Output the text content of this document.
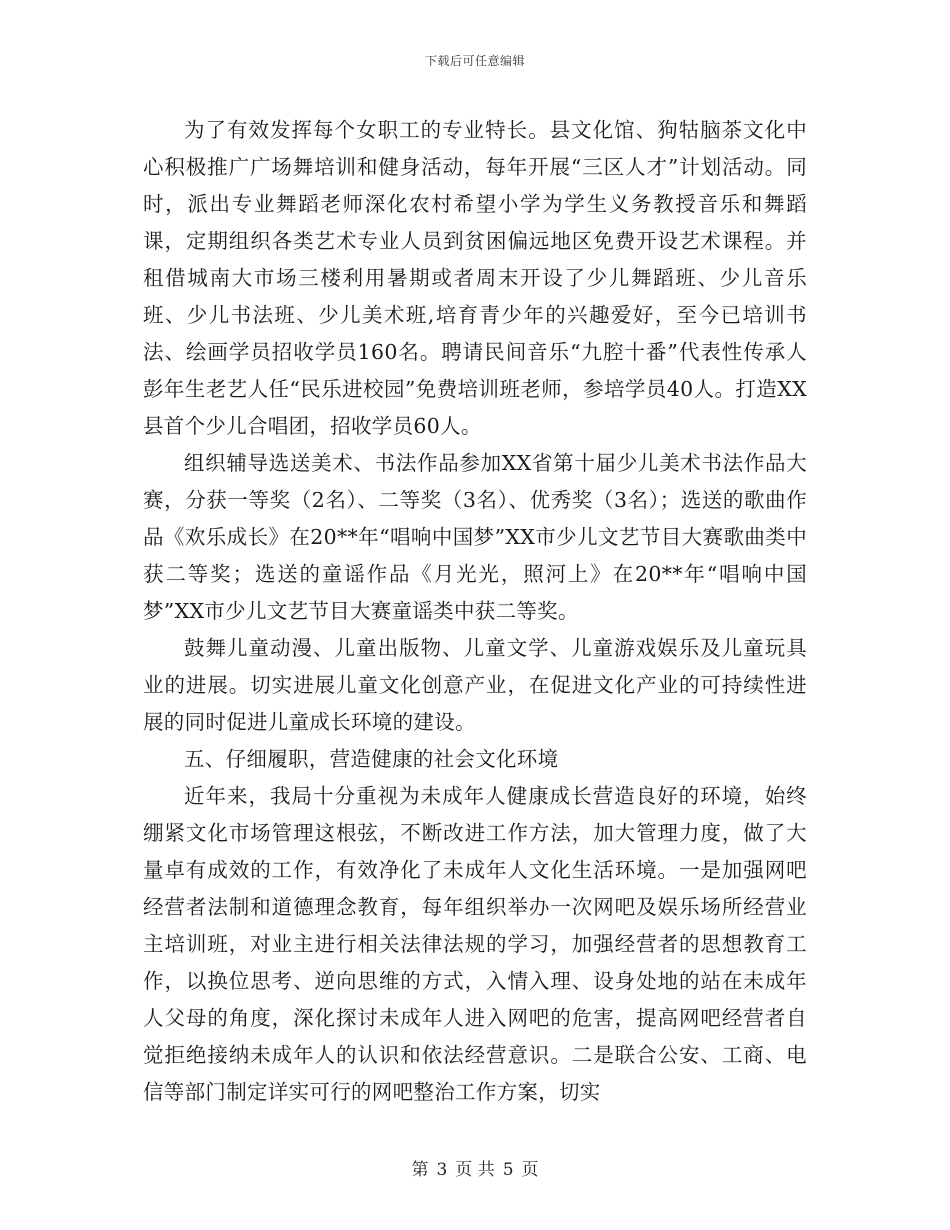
下载后可任意编辑

为了有效发挥每个女职工的专业特长。县文化馆、狗牯脑茶文化中心积极推广广场舞培训和健身活动，每年开展“三区人才”计划活动。同时，派出专业舞蹈老师深化农村希望小学为学生义务教授音乐和舞蹈课，定期组织各类艺术专业人员到贫困偏远地区免费开设艺术课程。并租借城南大市场三楼利用暑期或者周末开设了少儿舞蹈班、少儿音乐班、少儿书法班、少儿美术班,培育青少年的兴趣爱好，至今已培训书法、绘画学员招收学员160名。聘请民间音乐“九腔十番”代表性传承人彭年生老艺人任“民乐进校园”免费培训班老师，参培学员40人。打造XX县首个少儿合唱团，招收学员60人。

组织辅导选送美术、书法作品参加XX省第十届少儿美术书法作品大赛，分获一等奖（2名）、二等奖（3名）、优秀奖（3名）；选送的歌曲作品《欢乐成长》在20**年“唱响中国梦”XX市少儿文艺节目大赛歌曲类中获二等奖；选送的童谣作品《月光光，照河上》在20**年“唱响中国梦”XX市少儿文艺节目大赛童谣类中获二等奖。

鼓舞儿童动漫、儿童出版物、儿童文学、儿童游戏娱乐及儿童玩具业的进展。切实进展儿童文化创意产业，在促进文化产业的可持续性进展的同时促进儿童成长环境的建设。

五、仔细履职，营造健康的社会文化环境

近年来，我局十分重视为未成年人健康成长营造良好的环境，始终绷紧文化市场管理这根弦，不断改进工作方法，加大管理力度，做了大量卓有成效的工作，有效净化了未成年人文化生活环境。一是加强网吧经营者法制和道德理念教育，每年组织举办一次网吧及娱乐场所经营业主培训班，对业主进行相关法律法规的学习，加强经营者的思想教育工作，以换位思考、逆向思维的方式，入情入理、设身处地的站在未成年人父母的角度，深化探讨未成年人进入网吧的危害，提高网吧经营者自觉拒绝接纳未成年人的认识和依法经营意识。二是联合公安、工商、电信等部门制定详实可行的网吧整治工作方案，切实

第 3 页 共 5 页
